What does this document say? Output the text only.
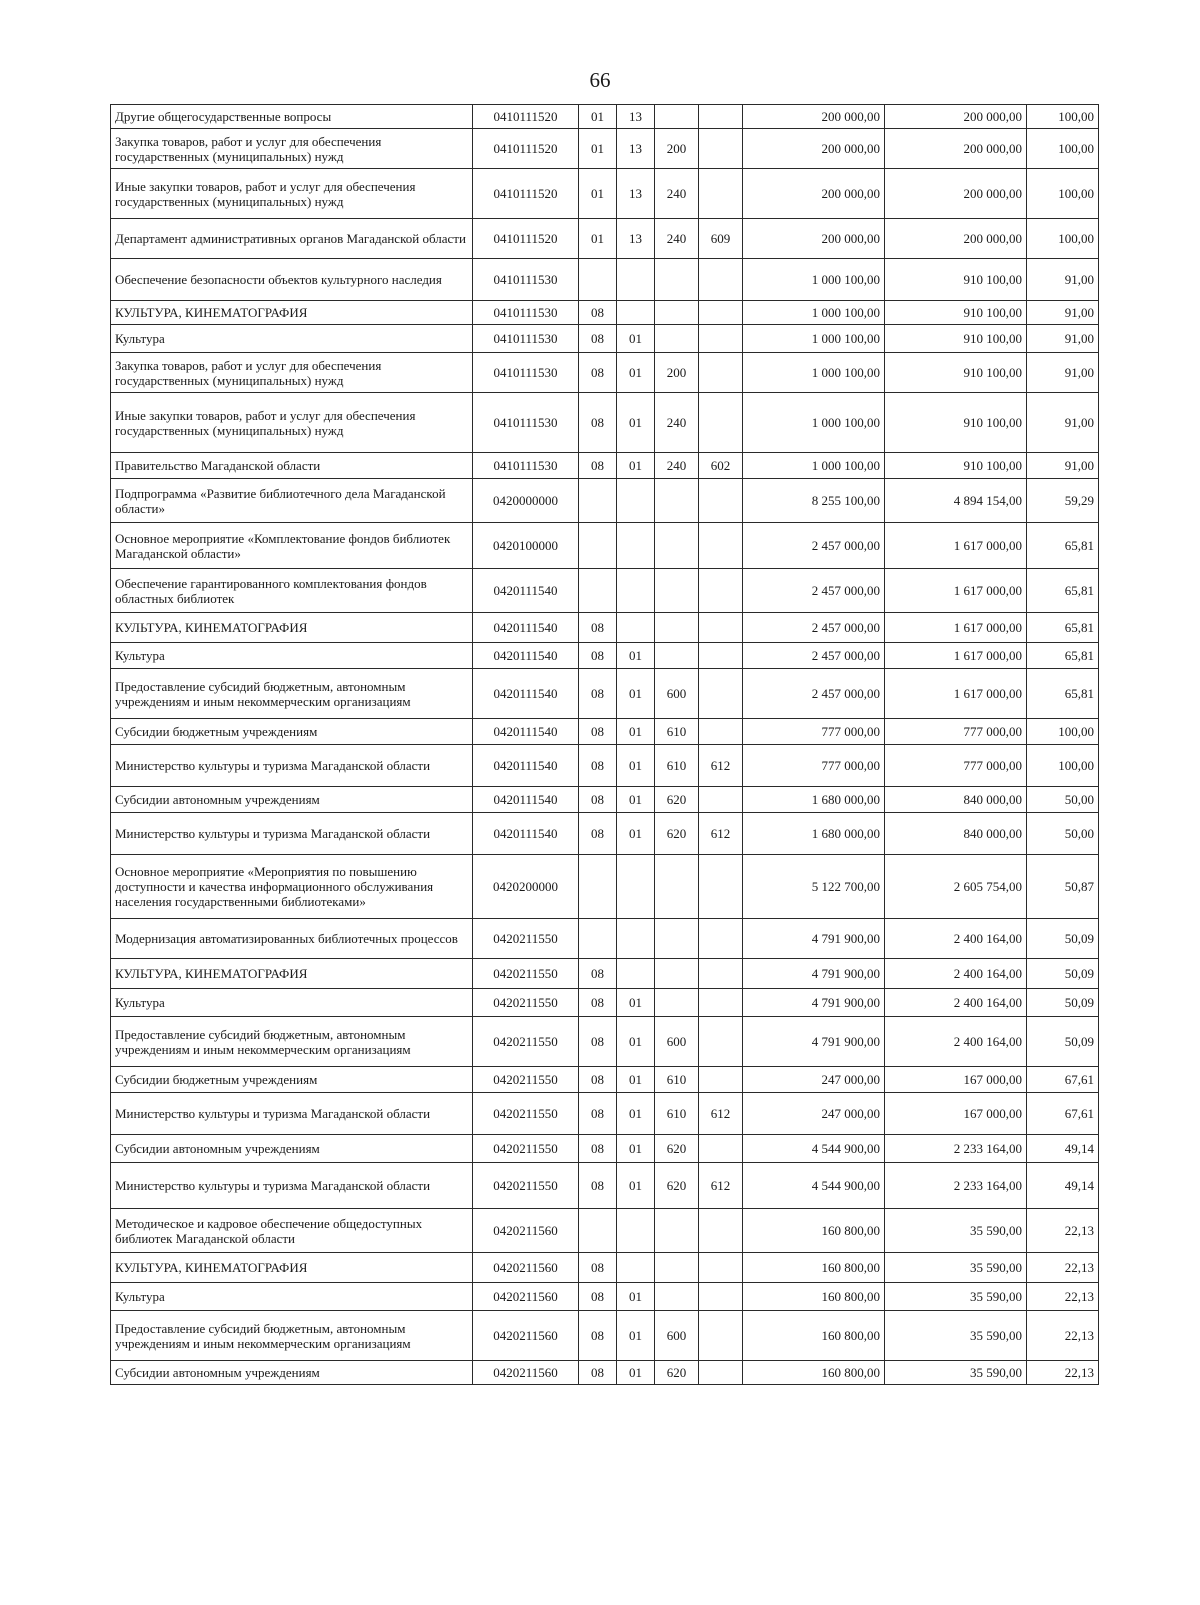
66
Другие общегосударственные вопросы	0410111520	01	13			200 000,00	200 000,00	100,00
Закупка товаров, работ и услуг для обеспечения государственных (муниципальных) нужд	0410111520	01	13	200		200 000,00	200 000,00	100,00
Иные закупки товаров, работ и услуг для обеспечения государственных (муниципальных) нужд	0410111520	01	13	240		200 000,00	200 000,00	100,00
Департамент административных органов Магаданской области	0410111520	01	13	240	609	200 000,00	200 000,00	100,00
Обеспечение безопасности объектов культурного наследия	0410111530					1 000 100,00	910 100,00	91,00
КУЛЬТУРА, КИНЕМАТОГРАФИЯ	0410111530	08				1 000 100,00	910 100,00	91,00
Культура	0410111530	08	01			1 000 100,00	910 100,00	91,00
Закупка товаров, работ и услуг для обеспечения государственных (муниципальных) нужд	0410111530	08	01	200		1 000 100,00	910 100,00	91,00
Иные закупки товаров, работ и услуг для обеспечения государственных (муниципальных) нужд	0410111530	08	01	240		1 000 100,00	910 100,00	91,00
Правительство Магаданской области	0410111530	08	01	240	602	1 000 100,00	910 100,00	91,00
Подпрограмма «Развитие библиотечного дела Магаданской области»	0420000000					8 255 100,00	4 894 154,00	59,29
Основное мероприятие «Комплектование фондов библиотек Магаданской области»	0420100000					2 457 000,00	1 617 000,00	65,81
Обеспечение гарантированного комплектования фондов областных библиотек	0420111540					2 457 000,00	1 617 000,00	65,81
КУЛЬТУРА, КИНЕМАТОГРАФИЯ	0420111540	08				2 457 000,00	1 617 000,00	65,81
Культура	0420111540	08	01			2 457 000,00	1 617 000,00	65,81
Предоставление субсидий бюджетным, автономным учреждениям и иным некоммерческим организациям	0420111540	08	01	600		2 457 000,00	1 617 000,00	65,81
Субсидии бюджетным учреждениям	0420111540	08	01	610		777 000,00	777 000,00	100,00
Министерство культуры и туризма Магаданской области	0420111540	08	01	610	612	777 000,00	777 000,00	100,00
Субсидии автономным учреждениям	0420111540	08	01	620		1 680 000,00	840 000,00	50,00
Министерство культуры и туризма Магаданской области	0420111540	08	01	620	612	1 680 000,00	840 000,00	50,00
Основное мероприятие «Мероприятия по повышению доступности и качества информационного обслуживания населения государственными библиотеками»	0420200000					5 122 700,00	2 605 754,00	50,87
Модернизация автоматизированных библиотечных процессов	0420211550					4 791 900,00	2 400 164,00	50,09
КУЛЬТУРА, КИНЕМАТОГРАФИЯ	0420211550	08				4 791 900,00	2 400 164,00	50,09
Культура	0420211550	08	01			4 791 900,00	2 400 164,00	50,09
Предоставление субсидий бюджетным, автономным учреждениям и иным некоммерческим организациям	0420211550	08	01	600		4 791 900,00	2 400 164,00	50,09
Субсидии бюджетным учреждениям	0420211550	08	01	610		247 000,00	167 000,00	67,61
Министерство культуры и туризма Магаданской области	0420211550	08	01	610	612	247 000,00	167 000,00	67,61
Субсидии автономным учреждениям	0420211550	08	01	620		4 544 900,00	2 233 164,00	49,14
Министерство культуры и туризма Магаданской области	0420211550	08	01	620	612	4 544 900,00	2 233 164,00	49,14
Методическое и кадровое обеспечение общедоступных библиотек Магаданской области	0420211560					160 800,00	35 590,00	22,13
КУЛЬТУРА, КИНЕМАТОГРАФИЯ	0420211560	08				160 800,00	35 590,00	22,13
Культура	0420211560	08	01			160 800,00	35 590,00	22,13
Предоставление субсидий бюджетным, автономным учреждениям и иным некоммерческим организациям	0420211560	08	01	600		160 800,00	35 590,00	22,13
Субсидии автономным учреждениям	0420211560	08	01	620		160 800,00	35 590,00	22,13
